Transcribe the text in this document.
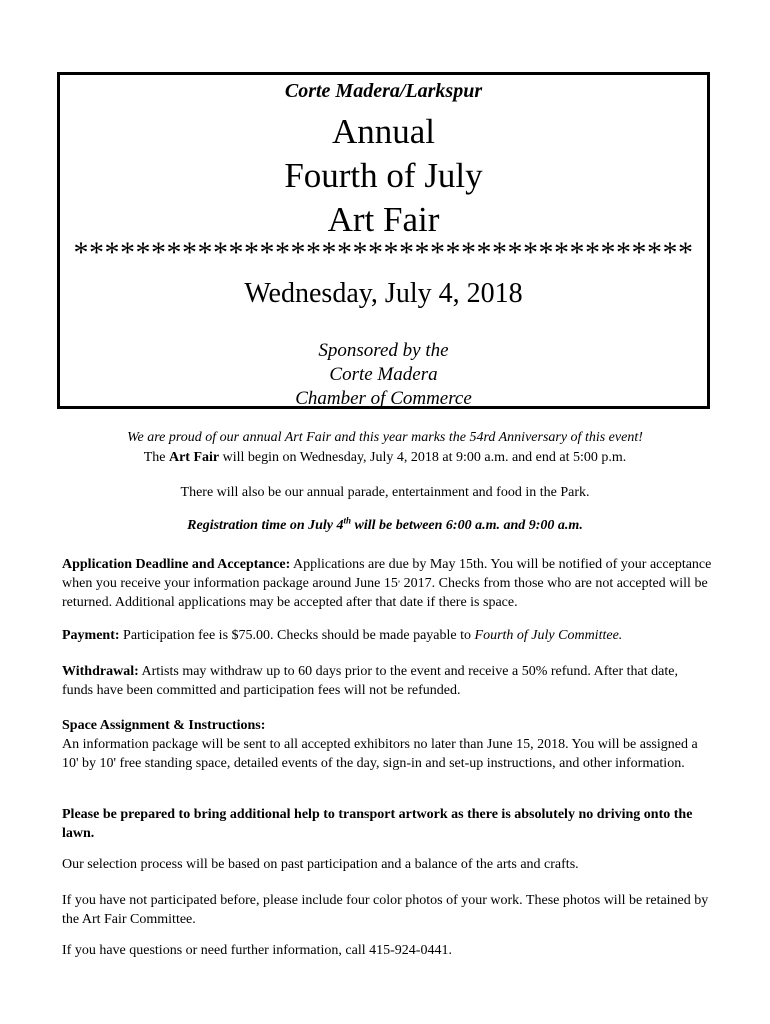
Corte Madera/Larkspur
Annual
Fourth of July
Art Fair
****************************************
Wednesday, July 4, 2018
Sponsored by the
Corte Madera
Chamber of Commerce
We are proud of our annual Art Fair and this year marks the 54rd Anniversary of this event!
The Art Fair will begin on Wednesday, July 4, 2018 at 9:00 a.m. and end at 5:00 p.m.
There will also be our annual parade, entertainment and food in the Park.
Registration time on July 4th will be between 6:00 a.m. and 9:00 a.m.
Application Deadline and Acceptance: Applications are due by May 15th. You will be notified of your acceptance when you receive your information package around June 15, 2017. Checks from those who are not accepted will be returned. Additional applications may be accepted after that date if there is space.
Payment: Participation fee is $75.00. Checks should be made payable to Fourth of July Committee.
Withdrawal: Artists may withdraw up to 60 days prior to the event and receive a 50% refund. After that date, funds have been committed and participation fees will not be refunded.
Space Assignment & Instructions:
An information package will be sent to all accepted exhibitors no later than June 15, 2018. You will be assigned a 10' by 10' free standing space, detailed events of the day, sign-in and set-up instructions, and other information.
Please be prepared to bring additional help to transport artwork as there is absolutely no driving onto the lawn.
Our selection process will be based on past participation and a balance of the arts and crafts.
If you have not participated before, please include four color photos of your work. These photos will be retained by the Art Fair Committee.
If you have questions or need further information, call 415-924-0441.
